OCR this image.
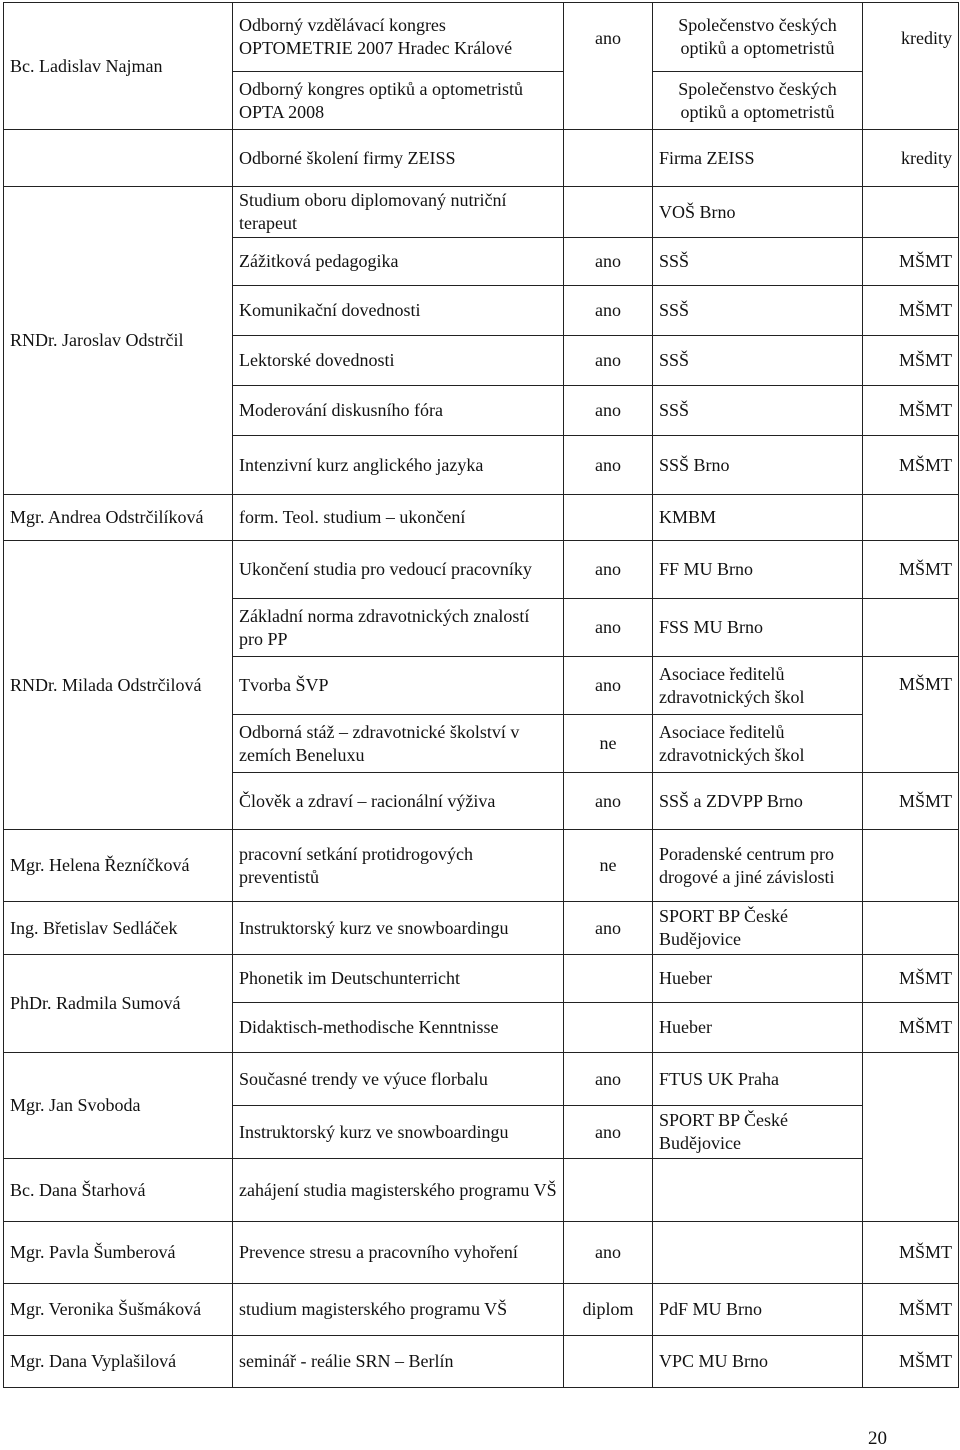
Bc. Ladislav Najman	Odborný vzdělávací kongres OPTOMETRIE 2007 Hradec Králové	ano	Společenstvo českých optiků a optometristů	kredity
	Odborný kongres optiků a optometristů OPTA 2008		Společenstvo českých optiků a optometristů	
	Odborné školení firmy ZEISS		Firma ZEISS	kredity
RNDr. Jaroslav Odstrčil	Studium oboru diplomovaný nutriční terapeut		VOŠ Brno	
	Zážitková pedagogika	ano	SSŠ	MŠMT
	Komunikační dovednosti	ano	SSŠ	MŠMT
	Lektorské dovednosti	ano	SSŠ	MŠMT
	Moderování diskusního fóra	ano	SSŠ	MŠMT
	Intenzivní kurz anglického jazyka	ano	SSŠ Brno	MŠMT
Mgr. Andrea Odstrčilíková	form. Teol. studium – ukončení		KMBM	
RNDr. Milada Odstrčilová	Ukončení studia pro vedoucí pracovníky	ano	FF MU Brno	MŠMT
	Základní norma zdravotnických znalostí pro PP	ano	FSS MU Brno	
	Tvorba ŠVP	ano	Asociace ředitelů zdravotnických škol	MŠMT
	Odborná stáž – zdravotnické školství v zemích Beneluxu	ne	Asociace ředitelů zdravotnických škol	
	Člověk a zdraví – racionální výživa	ano	SSŠ a ZDVPP Brno	MŠMT
Mgr. Helena Řezníčková	pracovní setkání protidrogových preventistů	ne	Poradenské centrum pro drogové a jiné závislosti	
Ing. Břetislav Sedláček	Instruktorský kurz ve snowboardingu	ano	SPORT BP České Budějovice	
PhDr. Radmila Sumová	Phonetik im Deutschunterricht		Hueber	MŠMT
	Didaktisch-methodische Kenntnisse		Hueber	MŠMT
Mgr. Jan Svoboda	Současné trendy ve výuce florbalu	ano	FTUS UK Praha	
	Instruktorský kurz ve snowboardingu	ano	SPORT BP České Budějovice	
Bc. Dana Štarhová	zahájení studia magisterského programu VŠ			
Mgr. Pavla Šumberová	Prevence stresu a pracovního vyhoření	ano		MŠMT
Mgr. Veronika Šušmáková	studium magisterského programu VŠ	diplom	PdF MU Brno	MŠMT
Mgr. Dana Vyplašilová	seminář - reálie SRN – Berlín		VPC MU Brno	MŠMT
20
